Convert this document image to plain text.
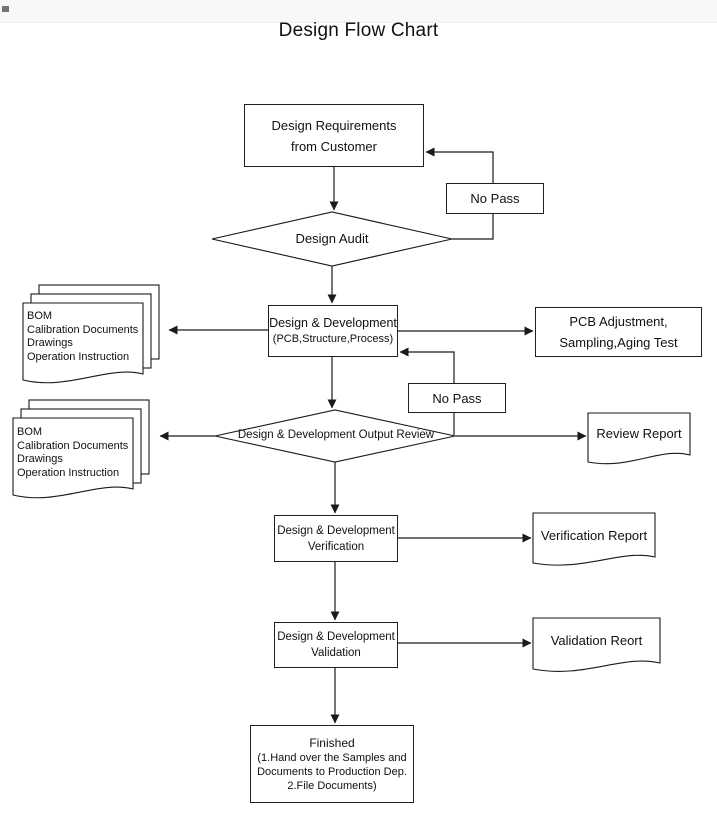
Design Flow Chart
Design Requirements
from Customer
No Pass
Design Audit
Design & Development
(PCB,Structure,Process)
BOM
Calibration Documents
Drawings
Operation Instruction
PCB Adjustment,
Sampling,Aging Test
No Pass
Design & Development Output Review
BOM
Calibration Documents
Drawings
Operation Instruction
Review Report
Design & Development
Verification
Verification Report
Design & Development
Validation
Validation Reort
Finished
(1.Hand over the Samples and
Documents to Production Dep.
2.File Documents)
